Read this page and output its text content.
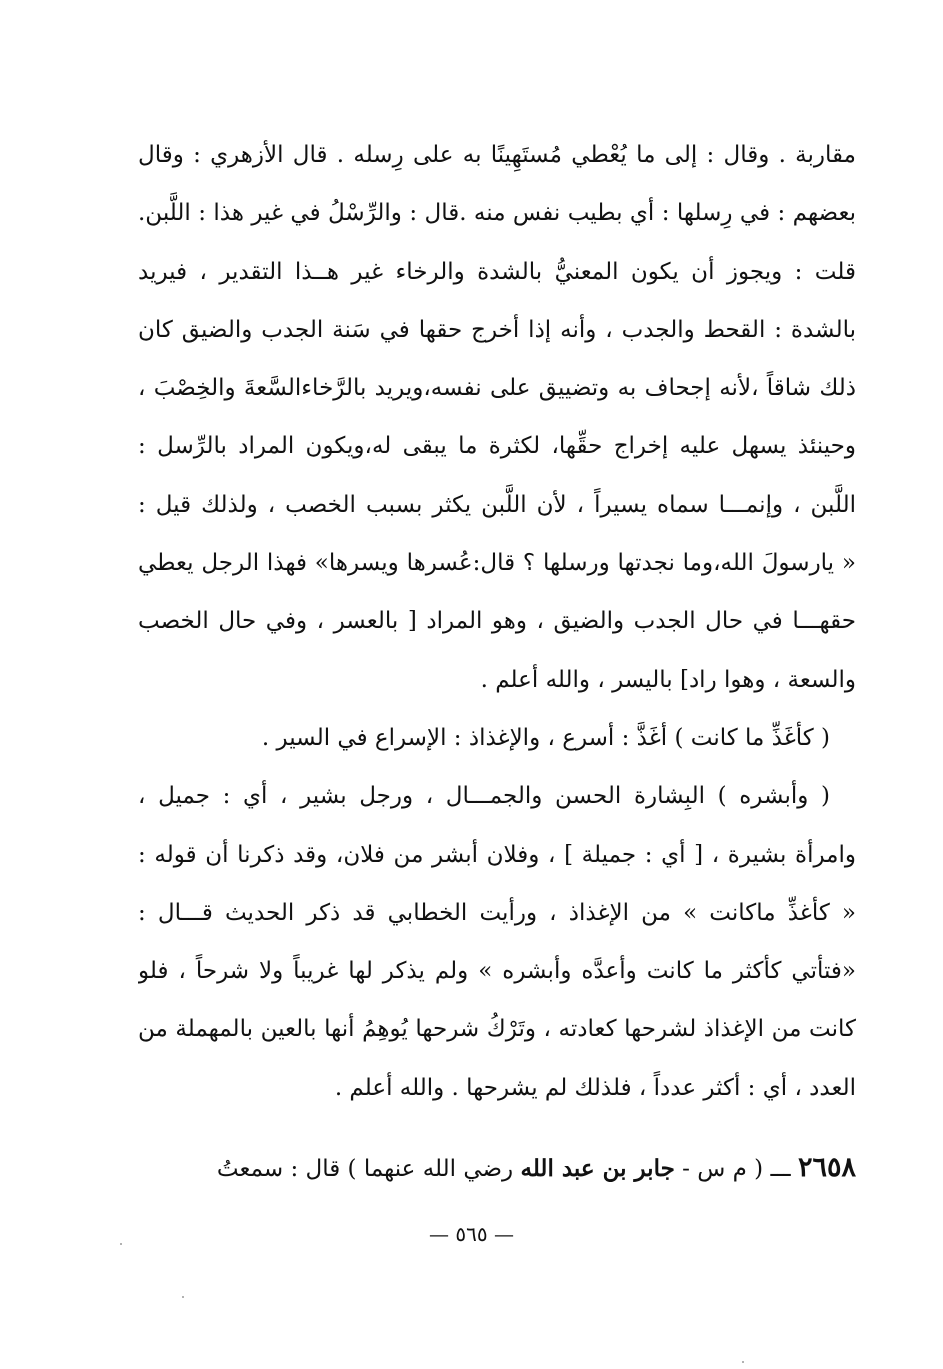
مقاربة . وقال : إلى ما يُعْطي مُستَهِينًا به على رِسله . قال الأزهري : وقال
بعضهم : في رِسلها : أي بطيب نفس منه .قال : والرِّسْلُ في غير هذا : اللَّبن.
قلت : ويجوز أن يكون المعنيُّ بالشدة والرخاء غير هــذا التقدير ، فيريد
بالشدة : القحط والجدب ، وأنه إذا أخرج حقها في سَنة الجدب والضيق كان
ذلك شاقاً ،لأنه إجحاف به وتضييق على نفسه،ويريد بالرَّخاءالسَّعةَ والخِصْبَ ،
وحينئذ يسهل عليه إخراج حقِّها، لكثرة ما يبقى له،ويكون المراد بالرِّسل :
اللَّبن ، وإنمـــا سماه يسيراً ، لأن اللَّبن يكثر بسبب الخصب ، ولذلك قيل :
« يارسولَ الله،وما نجدتها ورسلها ؟ قال:عُسرها ويسرها» فهذا الرجل يعطي
حقهـــا في حال الجدب والضيق ، وهو المراد [ بالعسر ، وفي حال الخصب
والسعة ، وهوا راد] باليسر ، والله أعلم .
( كأغَذِّ ما كانت ) أغَذَّ : أسرع ، والإغذاذ : الإسراع في السير .
( وأبشره ) البِشارة الحسن والجمـــال ، ورجل بشير ، أي : جميل ،
وامرأة بشيرة ، [ أي : جميلة ] ، وفلان أبشر من فلان، وقد ذكرنا أن قوله :
« كأغذِّ ماكانت » من الإغذاذ ، ورأيت الخطابي قد ذكر الحديث قـــال :
«فتأتي كأكثر ما كانت وأعدَّه وأبشره » ولم يذكر لها غريباً ولا شرحاً ، فلو
كانت من الإغذاذ لشرحها كعادته ، وتَرْكُ شرحها يُوهِمُ أنها بالعين بالمهملة من
العدد ، أي : أكثر عدداً ، فلذلك لم يشرحها . والله أعلم .
٢٦٥٨ ـــ ( م س - جابر بن عبد الله رضي الله عنهما ) قال : سمعتُ
— ٥٦٥ —
